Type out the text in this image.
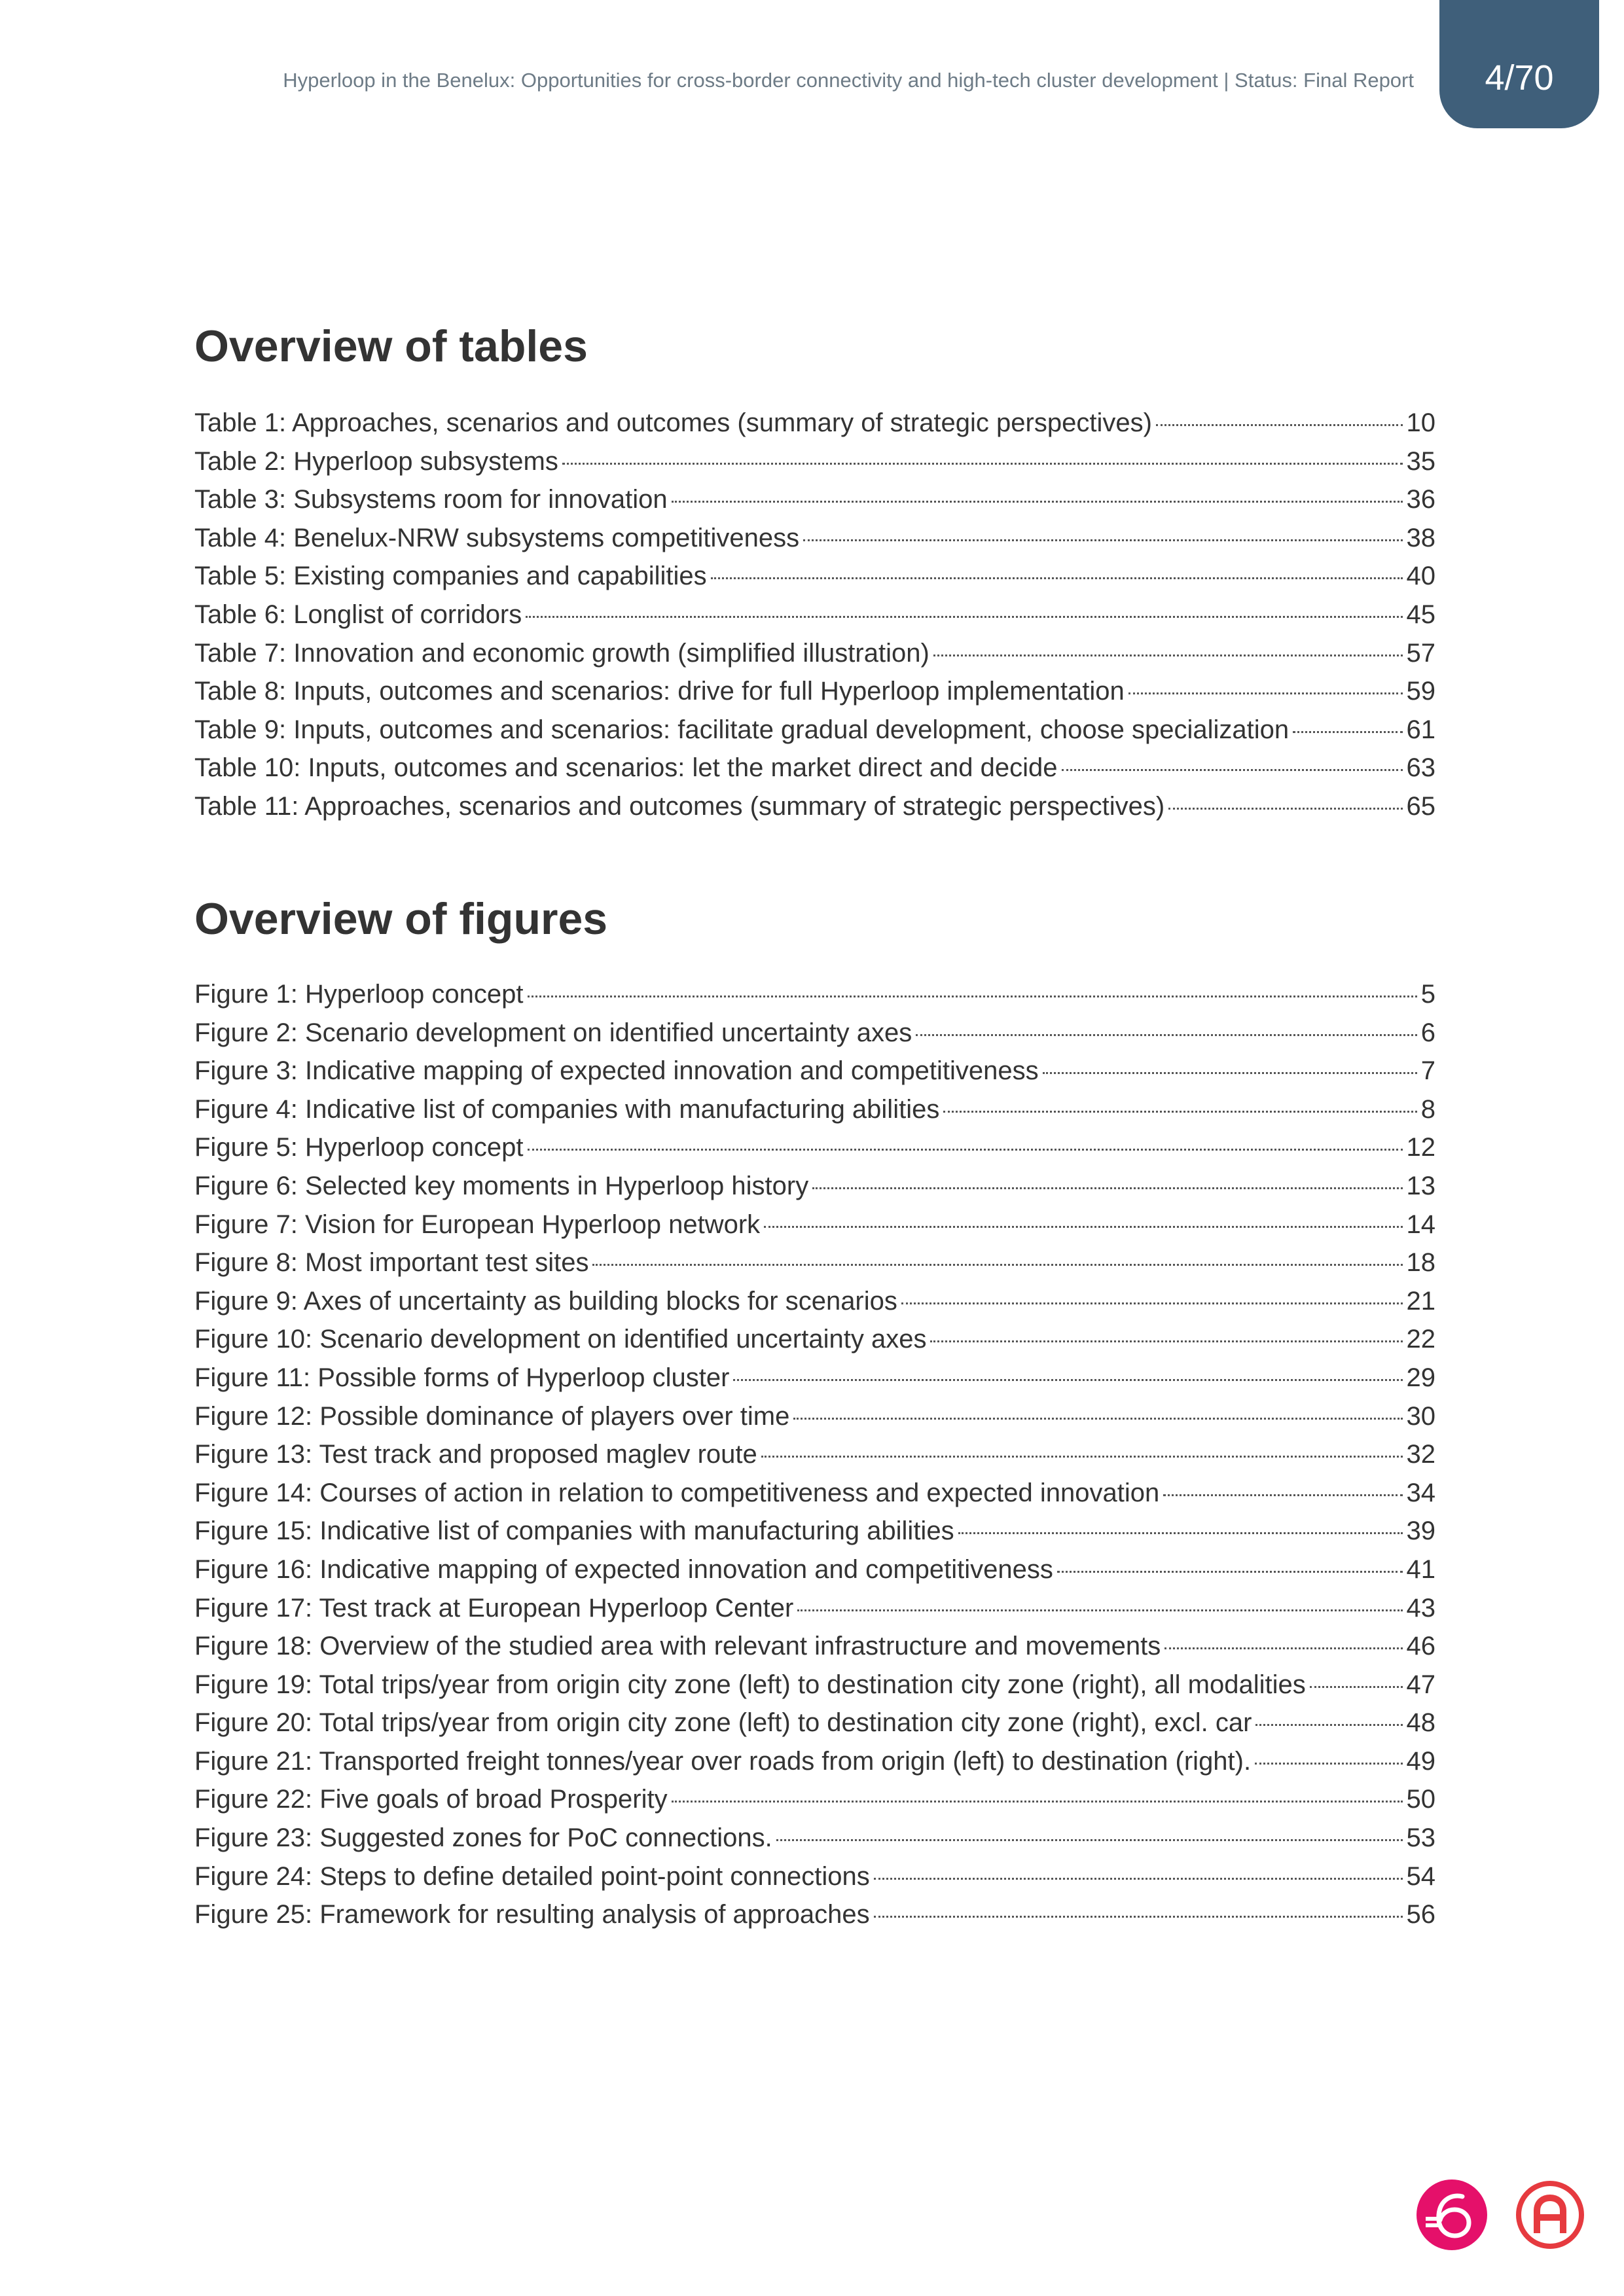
Hyperloop in the Benelux: Opportunities for cross-border connectivity and high-tech cluster development | Status: Final Report	4/70
Overview of tables
Table 1: Approaches, scenarios and outcomes (summary of strategic perspectives)	10
Table 2: Hyperloop subsystems	35
Table 3: Subsystems room for innovation	36
Table 4: Benelux-NRW subsystems competitiveness	38
Table 5: Existing companies and capabilities	40
Table 6: Longlist of corridors	45
Table 7: Innovation and economic growth (simplified illustration)	57
Table 8: Inputs, outcomes and scenarios: drive for full Hyperloop implementation	59
Table 9: Inputs, outcomes and scenarios: facilitate gradual development, choose specialization	61
Table 10: Inputs, outcomes and scenarios: let the market direct and decide	63
Table 11: Approaches, scenarios and outcomes (summary of strategic perspectives)	65
Overview of figures
Figure 1: Hyperloop concept	5
Figure 2: Scenario development on identified uncertainty axes	6
Figure 3: Indicative mapping of expected innovation and competitiveness	7
Figure 4: Indicative list of companies with manufacturing abilities	8
Figure 5: Hyperloop concept	12
Figure 6: Selected key moments in Hyperloop history	13
Figure 7: Vision for European Hyperloop network	14
Figure 8: Most important test sites	18
Figure 9: Axes of uncertainty as building blocks for scenarios	21
Figure 10: Scenario development on identified uncertainty axes	22
Figure 11: Possible forms of Hyperloop cluster	29
Figure 12: Possible dominance of players over time	30
Figure 13: Test track and proposed maglev route	32
Figure 14: Courses of action in relation to competitiveness and expected innovation	34
Figure 15: Indicative list of companies with manufacturing abilities	39
Figure 16: Indicative mapping of expected innovation and competitiveness	41
Figure 17: Test track at European Hyperloop Center	43
Figure 18: Overview of the studied area with relevant infrastructure and movements	46
Figure 19: Total trips/year from origin city zone (left) to destination city zone (right), all modalities	47
Figure 20: Total trips/year from origin city zone (left) to destination city zone (right), excl. car	48
Figure 21: Transported freight tonnes/year over roads from origin (left) to destination (right).	49
Figure 22: Five goals of broad Prosperity	50
Figure 23: Suggested zones for PoC connections.	53
Figure 24: Steps to define detailed point-point connections	54
Figure 25: Framework for resulting analysis of approaches	56
